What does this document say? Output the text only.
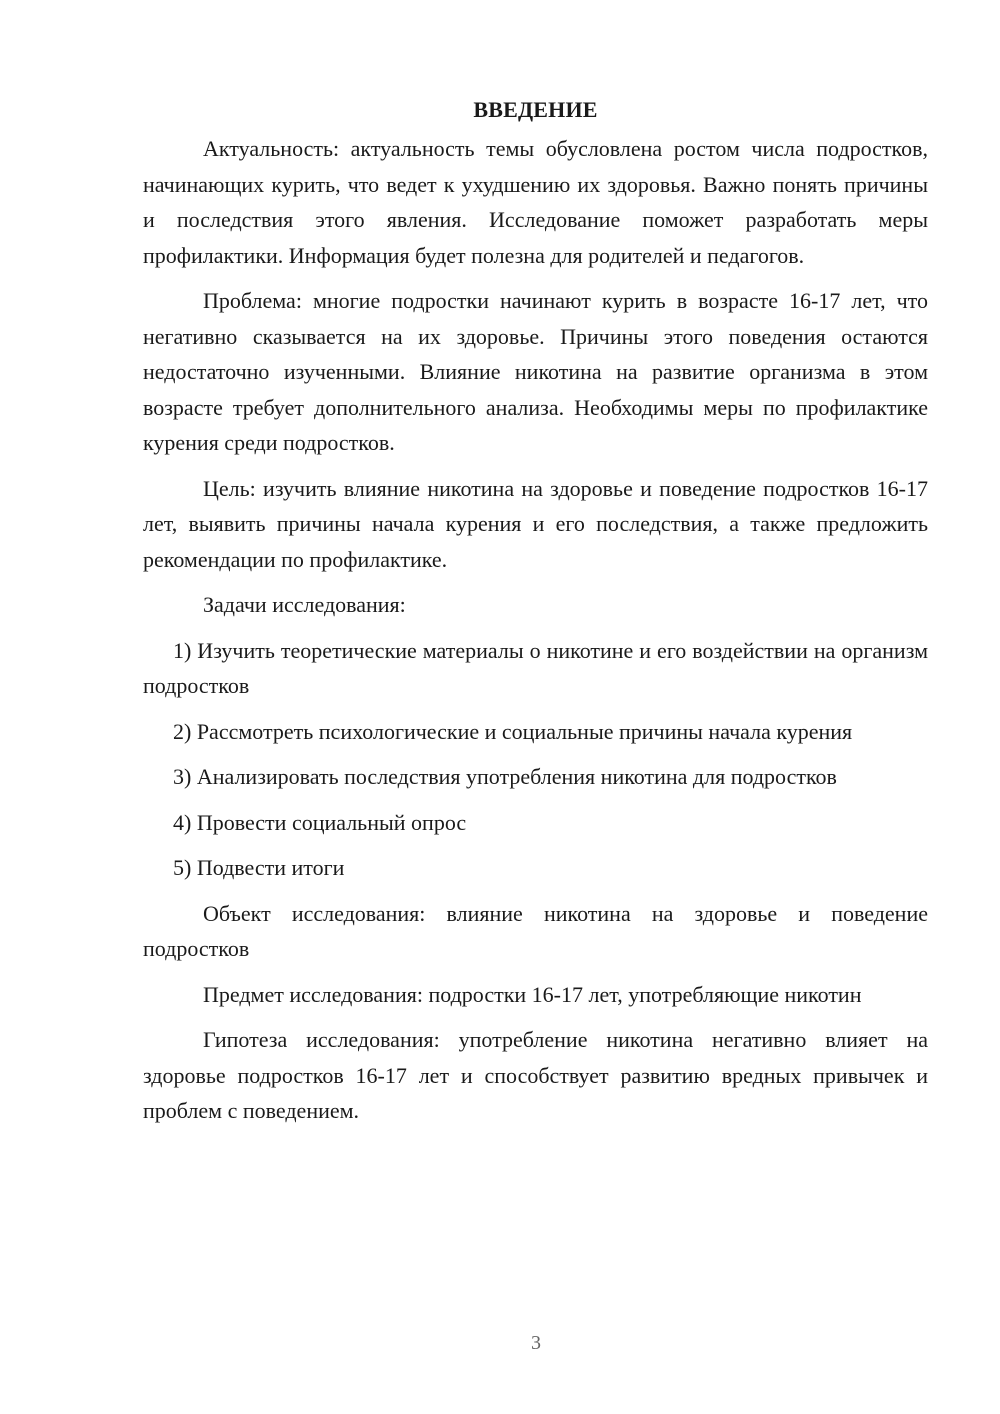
ВВЕДЕНИЕ

Актуальность: актуальность темы обусловлена ростом числа подростков, начинающих курить, что ведет к ухудшению их здоровья. Важно понять причины и последствия этого явления. Исследование поможет разработать меры профилактики. Информация будет полезна для родителей и педагогов.

Проблема: многие подростки начинают курить в возрасте 16-17 лет, что негативно сказывается на их здоровье. Причины этого поведения остаются недостаточно изученными. Влияние никотина на развитие организма в этом возрасте требует дополнительного анализа. Необходимы меры по профилактике курения среди подростков.

Цель: изучить влияние никотина на здоровье и поведение подростков 16-17 лет, выявить причины начала курения и его последствия, а также предложить рекомендации по профилактике.

Задачи исследования:

1) Изучить теоретические материалы о никотине и его воздействии на организм подростков

2) Рассмотреть психологические и социальные причины начала курения

3) Анализировать последствия употребления никотина для подростков

4) Провести социальный опрос

5) Подвести итоги

Объект исследования: влияние никотина на здоровье и поведение подростков

Предмет исследования: подростки 16-17 лет, употребляющие никотин

Гипотеза исследования: употребление никотина негативно влияет на здоровье подростков 16-17 лет и способствует развитию вредных привычек и проблем с поведением.

3
